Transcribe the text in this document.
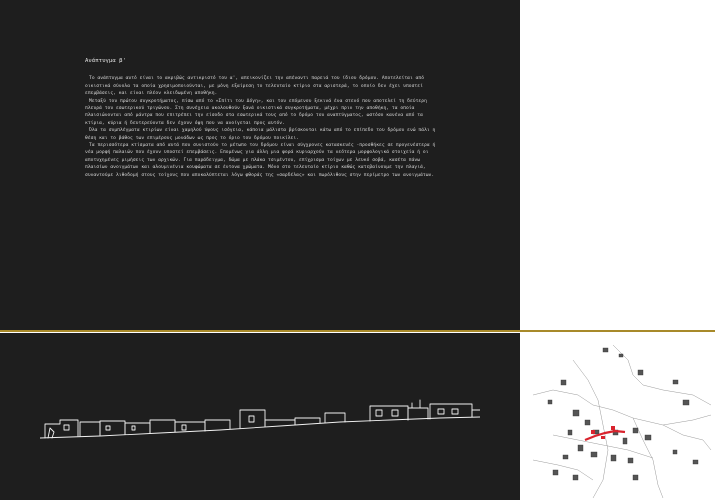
Ανάπτυγμα β'
Το ανάπτυγμα αυτό είναι το ακριβώς αντικριστό του α', απεικονίζει την απέναντι παρειά του ίδιου δρόμου. Αποτελείται από οικιστικά σύνολα τα οποία χρησιμοποιούνται, με μόνη εξαίρεση το τελευταίο κτίριο στα αριστερά, το οποίο δεν έχει υποστεί επεμβάσεις, και είναι πλέον κλειδωμένη αποθήκη.
Μεταξύ του πρώτου συγκροτήματος, πίσω από το «Σπίτι του Δόγη», και του επόμενου ξεκινά ένα στενό που αποτελεί τη δεύτερη πλευρά του εσωτερικού τριγώνου. Στη συνέχεια ακολουθούν ξανά οικιστικά συγκροτήματα, μέχρι πριν την αποθήκη, τα οποία πλαισιώνονται από μάντρα που επιτρέπει την είσοδο στα εσωτερικά τους από το δρόμο του αναπτύγματος, ωστόσο κανένα από τα κτίρια, κύρια ή δευτερεύοντα δεν έχουν όψη που να ανοίγεται προς αυτόν.
Όλα τα συμπλέγματα κτιρίων είναι χαμηλού ύψους ισόγεια, κάποια μάλιστα βρίσκονται κάτω από το επίπεδο του δρόμου ενώ πάλι η θέση και το βάθος των επιμέρους μονάδων ως προς το όριο του δρόμου ποικίλει.
Τα περισσότερα κτίσματα από αυτά που συνιστούν το μέτωπο του δρόμου είναι σύγχρονες κατασκευές -προσθήκες σε προγενέστερα ή νέα μορφή παλαιών που έχουν υποστεί επεμβάσεις. Επομένως για άλλη μια φορά κυριαρχούν τα νεότερα μορφολογικά στοιχεία ή οι αποτυχημένες μιμήσεις των αρχικών. Για παράδειγμα, δώμα με πλάκα τσιμέντου, επίχρισμα τοίχων με λευκό σοβά, κασέτα πάνω πλαισίων ανοιγμάτων και αλουμινένια κουφώματα σε έντονα χρώματα. Μόνο στο τελευταίο κτίριο καθώς κατεβαίνουμε την πλαγιά, συναντούμε λιθοδομή στους τοίχους που αποκαλύπτεται λόγω φθοράς της «σαρδέλας» και πωρόλιθους στην περίμετρο των ανοιγμάτων.
